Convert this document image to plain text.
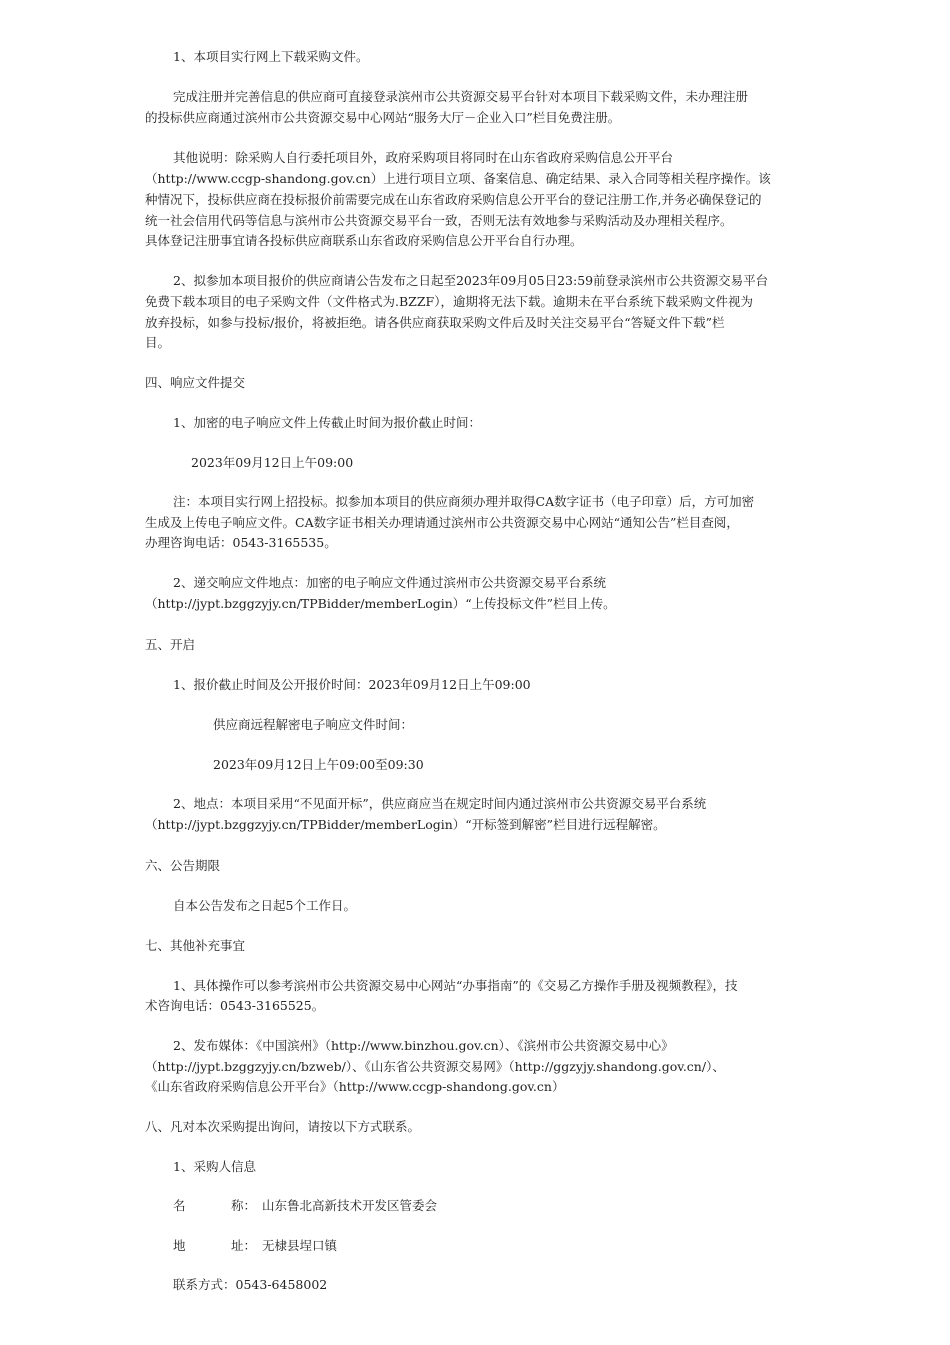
1、本项目实行网上下载采购文件。

完成注册并完善信息的供应商可直接登录滨州市公共资源交易平台针对本项目下载采购文件，未办理注册

的投标供应商通过滨州市公共资源交易中心网站“服务大厅－企业入口”栏目免费注册。

其他说明：除采购人自行委托项目外，政府采购项目将同时在山东省政府采购信息公开平台

（http://www.ccgp-shandong.gov.cn）上进行项目立项、备案信息、确定结果、录入合同等相关程序操作。该

种情况下，投标供应商在投标报价前需要完成在山东省政府采购信息公开平台的登记注册工作,并务必确保登记的

统一社会信用代码等信息与滨州市公共资源交易平台一致，否则无法有效地参与采购活动及办理相关程序。

具体登记注册事宜请各投标供应商联系山东省政府采购信息公开平台自行办理。

2、拟参加本项目报价的供应商请公告发布之日起至2023年09月05日23:59前登录滨州市公共资源交易平台

免费下载本项目的电子采购文件（文件格式为.BZZF），逾期将无法下载。逾期未在平台系统下载采购文件视为

放弃投标，如参与投标/报价，将被拒绝。请各供应商获取采购文件后及时关注交易平台“答疑文件下载”栏

目。

四、响应文件提交

1、加密的电子响应文件上传截止时间为报价截止时间：

2023年09月12日上午09:00

注：本项目实行网上招投标。拟参加本项目的供应商须办理并取得CA数字证书（电子印章）后，方可加密

生成及上传电子响应文件。CA数字证书相关办理请通过滨州市公共资源交易中心网站“通知公告”栏目查阅，

办理咨询电话：0543-3165535。

2、递交响应文件地点：加密的电子响应文件通过滨州市公共资源交易平台系统

（http://jypt.bzggzyjy.cn/TPBidder/memberLogin）“上传投标文件”栏目上传。

五、开启

1、报价截止时间及公开报价时间：2023年09月12日上午09:00

供应商远程解密电子响应文件时间：

2023年09月12日上午09:00至09:30

2、地点：本项目采用“不见面开标”，供应商应当在规定时间内通过滨州市公共资源交易平台系统

（http://jypt.bzggzyjy.cn/TPBidder/memberLogin）“开标签到解密”栏目进行远程解密。

六、公告期限

自本公告发布之日起5个工作日。

七、其他补充事宜

1、具体操作可以参考滨州市公共资源交易中心网站“办事指南”的《交易乙方操作手册及视频教程》，技

术咨询电话：0543-3165525。

2、发布媒体：《中国滨州》（http://www.binzhou.gov.cn）、《滨州市公共资源交易中心》

（http://jypt.bzggzyjy.cn/bzweb/）、《山东省公共资源交易网》（http://ggzyjy.shandong.gov.cn/）、

《山东省政府采购信息公开平台》（http://www.ccgp-shandong.gov.cn）

八、凡对本次采购提出询问，请按以下方式联系。

1、采购人信息

名	称： 山东鲁北高新技术开发区管委会

地	址： 无棣县埕口镇

联系方式：0543-6458002
